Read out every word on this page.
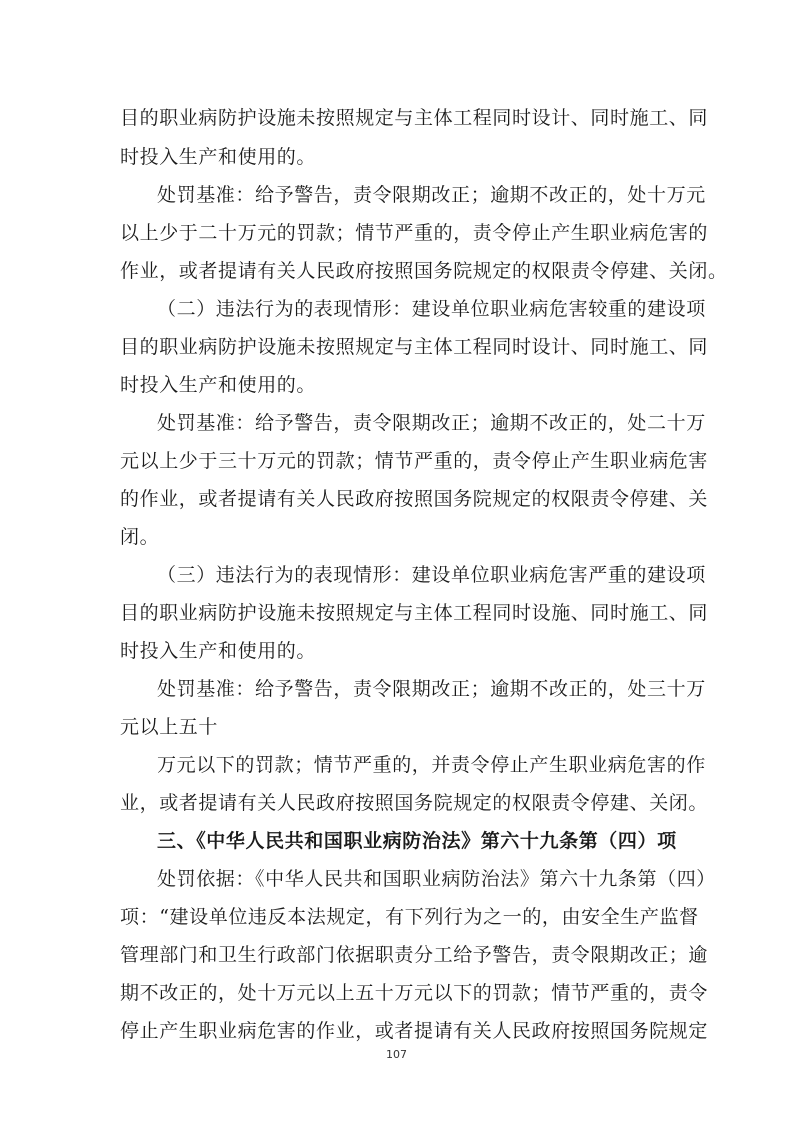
目的职业病防护设施未按照规定与主体工程同时设计、同时施工、同
时投入生产和使用的。
处罚基准：给予警告，责令限期改正；逾期不改正的，处十万元
以上少于二十万元的罚款；情节严重的，责令停止产生职业病危害的
作业，或者提请有关人民政府按照国务院规定的权限责令停建、关闭。
（二）违法行为的表现情形：建设单位职业病危害较重的建设项
目的职业病防护设施未按照规定与主体工程同时设计、同时施工、同
时投入生产和使用的。
处罚基准：给予警告，责令限期改正；逾期不改正的，处二十万
元以上少于三十万元的罚款；情节严重的，责令停止产生职业病危害
的作业，或者提请有关人民政府按照国务院规定的权限责令停建、关
闭。
（三）违法行为的表现情形：建设单位职业病危害严重的建设项
目的职业病防护设施未按照规定与主体工程同时设施、同时施工、同
时投入生产和使用的。
处罚基准：给予警告，责令限期改正；逾期不改正的，处三十万
元以上五十
万元以下的罚款；情节严重的，并责令停止产生职业病危害的作
业，或者提请有关人民政府按照国务院规定的权限责令停建、关闭。
三、《中华人民共和国职业病防治法》第六十九条第（四）项
处罚依据：《中华人民共和国职业病防治法》第六十九条第（四）
项：“建设单位违反本法规定，有下列行为之一的，由安全生产监督
管理部门和卫生行政部门依据职责分工给予警告，责令限期改正；逾
期不改正的，处十万元以上五十万元以下的罚款；情节严重的，责令
停止产生职业病危害的作业，或者提请有关人民政府按照国务院规定
107
